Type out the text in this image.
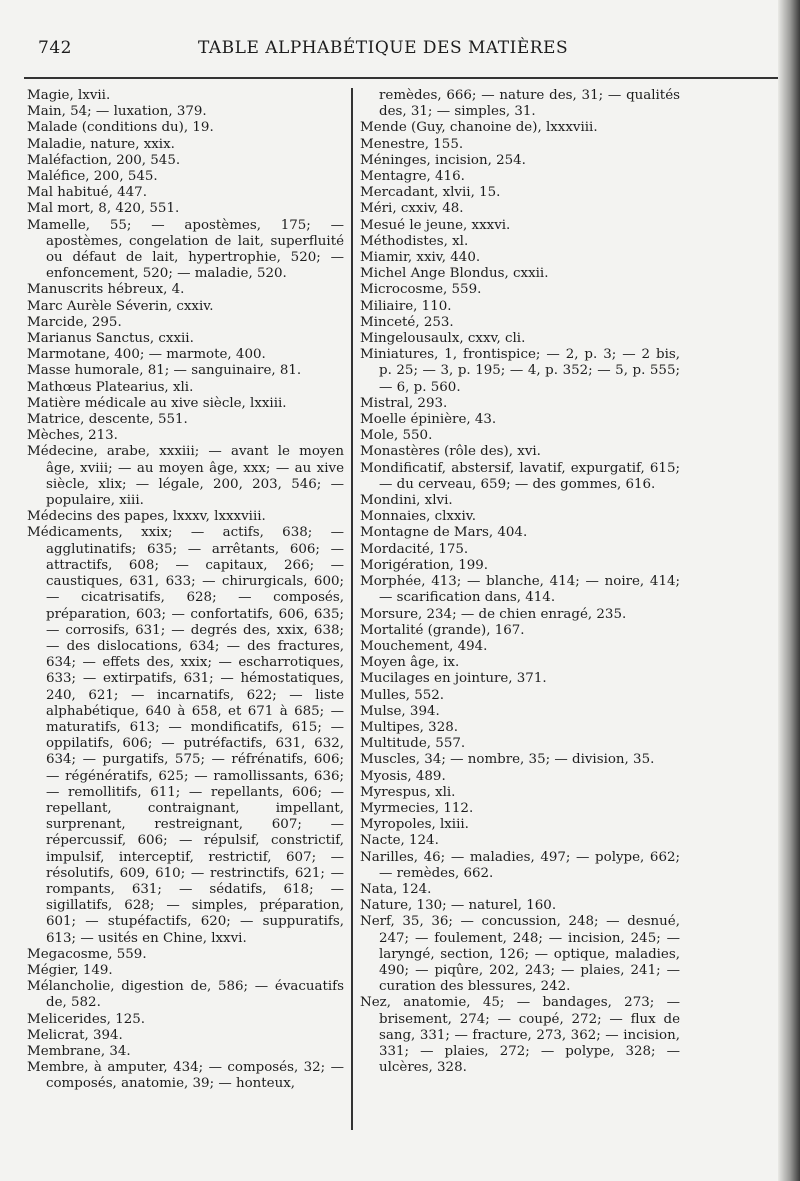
742	TABLE ALPHABÉTIQUE DES MATIÈRES

Magie, lxvii.

Main, 54; — luxation, 379.

Malade (conditions du), 19.

Maladie, nature, xxix.

Maléfaction, 200, 545.

Maléfice, 200, 545.

Mal habitué, 447.

Mal mort, 8, 420, 551.

Mamelle, 55; — apostèmes, 175; — apostèmes, congelation de lait, superfluité ou défaut de lait, hypertrophie, 520; — enfoncement, 520; — maladie, 520.

Manuscrits hébreux, 4.

Marc Aurèle Séverin, cxxiv.

Marcide, 295.

Marianus Sanctus, cxxii.

Marmotane, 400; — marmote, 400.

Masse humorale, 81; — sanguinaire, 81.

Mathœus Platearius, xli.

Matière médicale au xive siècle, lxxiii.

Matrice, descente, 551.

Mèches, 213.

Médecine, arabe, xxxiii; — avant le moyen âge, xviii; — au moyen âge, xxx; — au xive siècle, xlix; — légale, 200, 203, 546; — populaire, xiii.

Médecins des papes, lxxxv, lxxxviii.

Médicaments, xxix; — actifs, 638; — agglutinatifs; 635; — arrêtants, 606; — attractifs, 608; — capitaux, 266; — caustiques, 631, 633; — chirurgicals, 600; — cicatrisatifs, 628; — composés, préparation, 603; — confortatifs, 606, 635; — corrosifs, 631; — degrés des, xxix, 638; — des dislocations, 634; — des fractures, 634; — effets des, xxix; — escharrotiques, 633; — extirpatifs, 631; — hémostatiques, 240, 621; — incarnatifs, 622; — liste alphabétique, 640 à 658, et 671 à 685; — maturatifs, 613; — mondificatifs, 615; — oppilatifs, 606; — putréfactifs, 631, 632, 634; — purgatifs, 575; — réfrénatifs, 606; — régénératifs, 625; — ramollissants, 636; — remollitifs, 611; — repellants, 606; — repellant, contraignant, impellant, surprenant, restreignant, 607; — répercussif, 606; — répulsif, constrictif, impulsif, interceptif, restrictif, 607; — résolutifs, 609, 610; — restrinctifs, 621; — rompants, 631; — sédatifs, 618; — sigillatifs, 628; — simples, préparation, 601; — stupéfactifs, 620; — suppuratifs, 613; — usités en Chine, lxxvi.

Megacosme, 559.

Mégier, 149.

Mélancholie, digestion de, 586; — évacuatifs de, 582.

Melicerides, 125.

Melicrat, 394.

Membrane, 34.

Membre, à amputer, 434; — composés, 32; — composés, anatomie, 39; — honteux,

remèdes, 666; — nature des, 31; — qualités des, 31; — simples, 31.

Mende (Guy, chanoine de), lxxxviii.

Menestre, 155.

Méninges, incision, 254.

Mentagre, 416.

Mercadant, xlvii, 15.

Méri, cxxiv, 48.

Mesué le jeune, xxxvi.

Méthodistes, xl.

Miamir, xxiv, 440.

Michel Ange Blondus, cxxii.

Microcosme, 559.

Miliaire, 110.

Minceté, 253.

Mingelousaulx, cxxv, cli.

Miniatures, 1, frontispice; — 2, p. 3; — 2 bis, p. 25; — 3, p. 195; — 4, p. 352; — 5, p. 555; — 6, p. 560.

Mistral, 293.

Moelle épinière, 43.

Mole, 550.

Monastères (rôle des), xvi.

Mondificatif, abstersif, lavatif, expurgatif, 615; — du cerveau, 659; — des gommes, 616.

Mondini, xlvi.

Monnaies, clxxiv.

Montagne de Mars, 404.

Mordacité, 175.

Morigération, 199.

Morphée, 413; — blanche, 414; — noire, 414; — scarification dans, 414.

Morsure, 234; — de chien enragé, 235.

Mortalité (grande), 167.

Mouchement, 494.

Moyen âge, ix.

Mucilages en jointure, 371.

Mulles, 552.

Mulse, 394.

Multipes, 328.

Multitude, 557.

Muscles, 34; — nombre, 35; — division, 35.

Myosis, 489.

Myrespus, xli.

Myrmecies, 112.

Myropoles, lxiii.

Nacte, 124.

Narilles, 46; — maladies, 497; — polype, 662; — remèdes, 662.

Nata, 124.

Nature, 130; — naturel, 160.

Nerf, 35, 36; — concussion, 248; — desnué, 247; — foulement, 248; — incision, 245; — laryngé, section, 126; — optique, maladies, 490; — piqûre, 202, 243; — plaies, 241; — curation des blessures, 242.

Nez, anatomie, 45; — bandages, 273; — brisement, 274; — coupé, 272; — flux de sang, 331; — fracture, 273, 362; — incision, 331; — plaies, 272; — polype, 328; — ulcères, 328.
